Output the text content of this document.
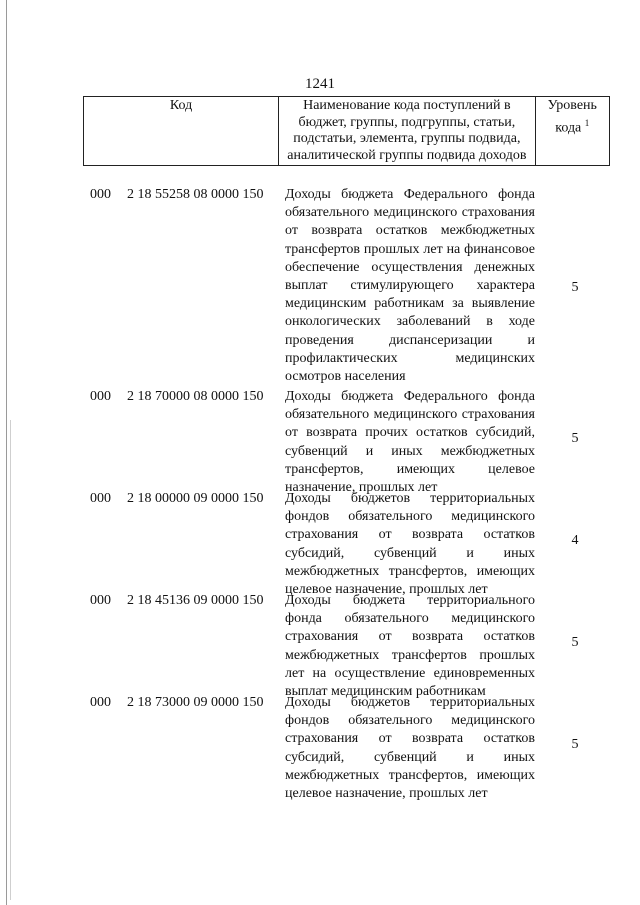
1241
Код	Наименование кода поступлений в бюджет, группы, подгруппы, статьи, подстатьи, элемента, группы подвида, аналитической группы подвида доходов	Уровень кода $^1$
000 2 18 55258 08 0000 150 Доходы бюджета Федерального фонда обязательного медицинского страхования от возврата остатков межбюджетных трансфертов прошлых лет на финансовое обеспечение осуществления денежных выплат стимулирующего характера медицинским работникам за выявление онкологических заболеваний в ходе проведения диспансеризации и профилактических медицинских осмотров населения
5
000 2 18 70000 08 0000 150 Доходы бюджета Федерального фонда обязательного медицинского страхования от возврата прочих остатков субсидий, субвенций и иных межбюджетных трансфертов, имеющих целевое назначение, прошлых лет
5
000 2 18 00000 09 0000 150 Доходы бюджетов территориальных фондов обязательного медицинского страхования от возврата остатков субсидий, субвенций и иных межбюджетных трансфертов, имеющих целевое назначение, прошлых лет
4
000 2 18 45136 09 0000 150 Доходы бюджета территориального фонда обязательного медицинского страхования от возврата остатков межбюджетных трансфертов прошлых лет на осуществление единовременных выплат медицинским работникам
5
000 2 18 73000 09 0000 150 Доходы бюджетов территориальных фондов обязательного медицинского страхования от возврата остатков субсидий, субвенций и иных межбюджетных трансфертов, имеющих целевое назначение, прошлых лет
5
